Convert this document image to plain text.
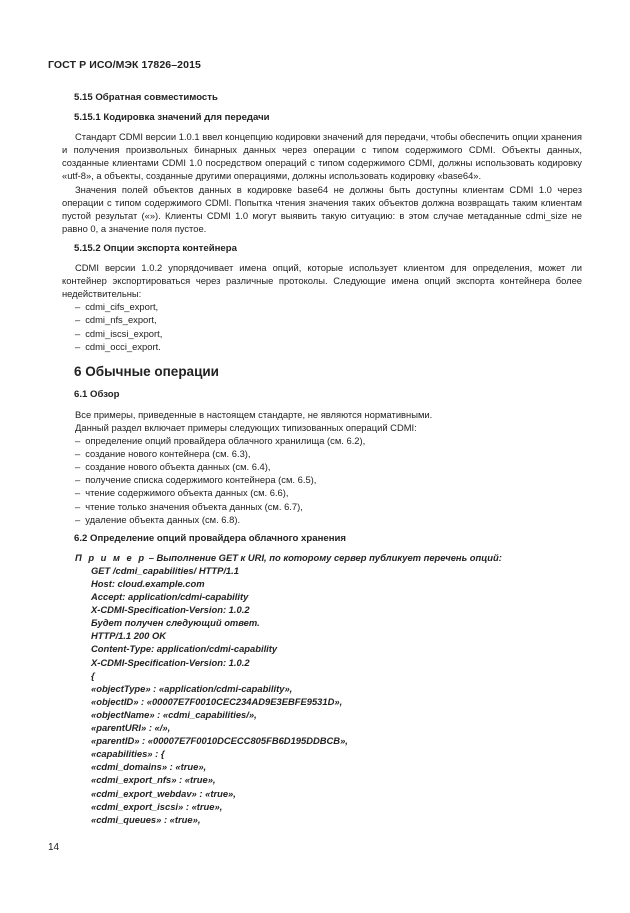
ГОСТ Р ИСО/МЭК 17826–2015
5.15 Обратная совместимость
5.15.1 Кодировка значений для передачи

Стандарт CDMI версии 1.0.1 ввел концепцию кодировки значений для передачи, чтобы обеспечить опции хранения и получения произвольных бинарных данных через операции с типом содержимого CDMI. Объекты данных, созданные клиентами CDMI 1.0 посредством операций с типом содержимого CDMI, должны использовать кодировку «utf-8», а объекты, созданные другими операциями, должны использовать кодировку «base64».

Значения полей объектов данных в кодировке base64 не должны быть доступны клиентам CDMI 1.0 через операции с типом содержимого CDMI. Попытка чтения значения таких объектов должна возвращать таким клиентам пустой результат («»). Клиенты CDMI 1.0 могут выявить такую ситуацию: в этом случае метаданные cdmi_size не равно 0, а значение поля пустое.

5.15.2 Опции экспорта контейнера

CDMI версии 1.0.2 упорядочивает имена опций, которые использует клиентом для определения, может ли контейнер экспортироваться через различные протоколы. Следующие имена опций экспорта контейнера более недействительны:

– cdmi_cifs_export,
– cdmi_nfs_export,
– cdmi_iscsi_export,
– cdmi_occi_export.
6 Обычные операции
6.1 Обзор

Все примеры, приведенные в настоящем стандарте, не являются нормативными.

Данный раздел включает примеры следующих типизованных операций CDMI:

– определение опций провайдера облачного хранилища (см. 6.2),
– создание нового контейнера (см. 6.3),
– создание нового объекта данных (см. 6.4),
– получение списка содержимого контейнера (см. 6.5),
– чтение содержимого объекта данных (см. 6.6),
– чтение только значения объекта данных (см. 6.7),
– удаление объекта данных (см. 6.8).
6.2 Определение опций провайдера облачного хранения
П р и м е р – Выполнение GET к URI, по которому сервер публикует перечень опций:
GET /cdmi_capabilities/ HTTP/1.1
Host: cloud.example.com
Accept: application/cdmi-capability
X-CDMI-Specification-Version: 1.0.2
Будет получен следующий ответ.
HTTP/1.1 200 OK
Content-Type: application/cdmi-capability
X-CDMI-Specification-Version: 1.0.2
{
«objectType» : «application/cdmi-capability»,
«objectID» : «00007E7F0010CEC234AD9E3EBFE9531D»,
«objectName» : «cdmi_capabilities/»,
«parentURI» : «/»,
«parentID» : «00007E7F0010DCECC805FB6D195DDBCB»,
«capabilities» : {
«cdmi_domains» : «true»,
«cdmi_export_nfs» : «true»,
«cdmi_export_webdav» : «true»,
«cdmi_export_iscsi» : «true»,
«cdmi_queues» : «true»,
14
